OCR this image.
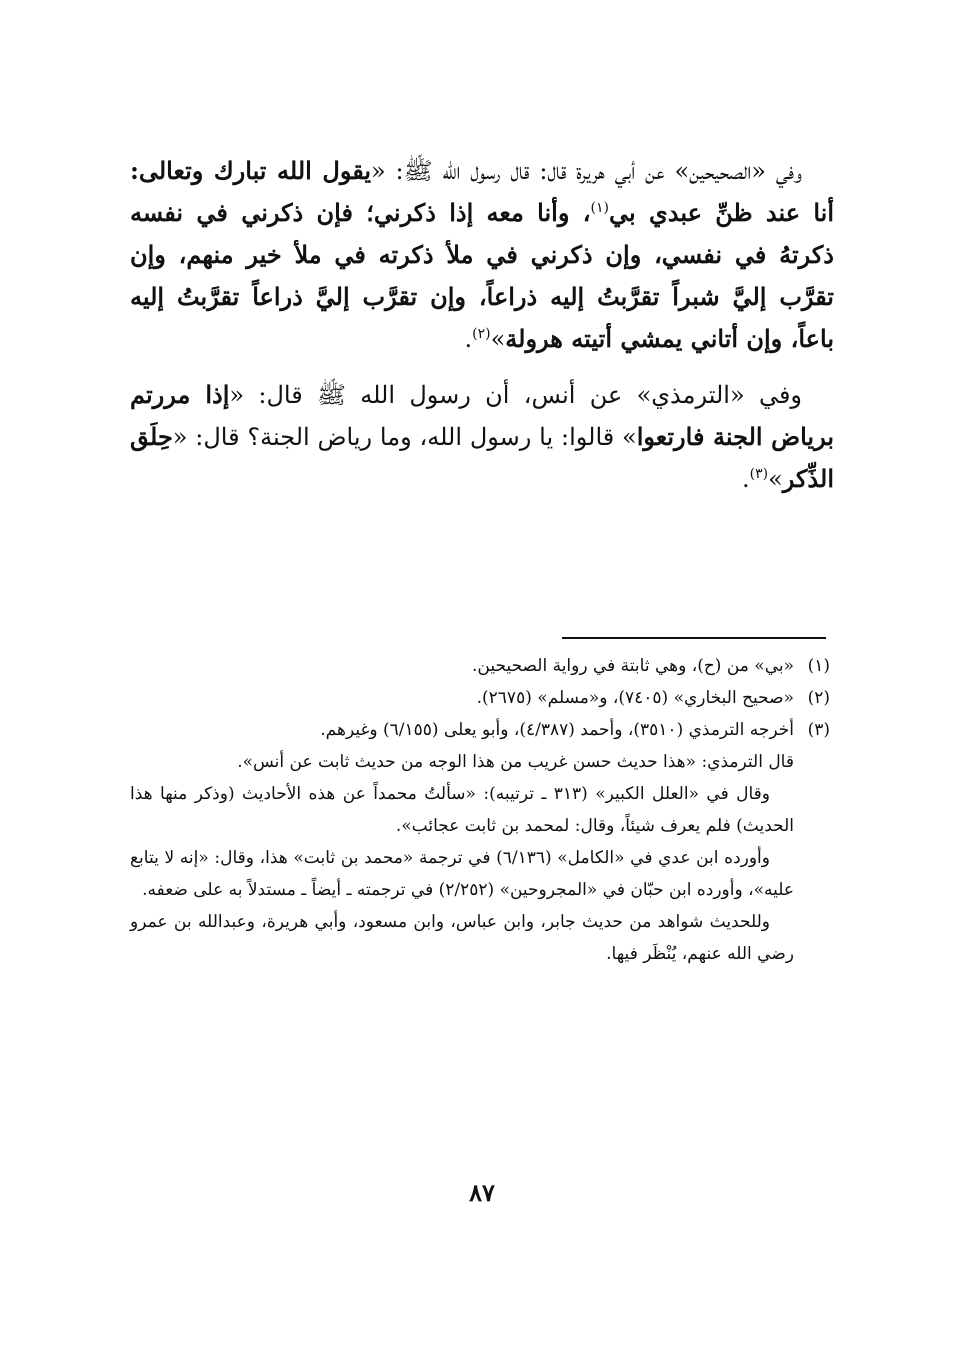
وفي «الصحيحين» عن أبي هريرة قال: قال رسول الله ﷺ: «يقول الله تبارك وتعالى: أنا عند ظنِّ عبدي بي$^{(١)}$، وأنا معه إذا ذكرني؛ فإن ذكرني في نفسه ذكرتهُ في نفسي، وإن ذكرني في ملأ ذكرته في ملأ خير منهم، وإن تقرَّب إليَّ شبراً تقرَّبتُ إليه ذراعاً، وإن تقرَّب إليَّ ذراعاً تقرَّبتُ إليه باعاً، وإن أتاني يمشي أتيته هرولة»$^{(٢)}$.

وفي «الترمذي» عن أنس، أن رسول الله ﷺ قال: «إذا مررتم برياض الجنة فارتعوا» قالوا: يا رسول الله، وما رياض الجنة؟ قال: «حِلَق الذِّكر»$^{(٣)}$.

(١)

«بي» من (ح)، وهي ثابتة في رواية الصحيحين.

(٢)

«صحيح البخاري» (٧٤٠٥)، و«مسلم» (٢٦٧٥).

(٣)

أخرجه الترمذي (٣٥١٠)، وأحمد (٤/٣٨٧)، وأبو يعلى (٦/١٥٥) وغيرهم.

قال الترمذي: «هذا حديث حسن غريب من هذا الوجه من حديث ثابت عن أنس».

وقال في «العلل الكبير» (٣١٣ ـ ترتيبه): «سألتُ محمداً عن هذه الأحاديث (وذكر منها هذا الحديث) فلم يعرف شيئاً، وقال: لمحمد بن ثابت عجائب».

وأورده ابن عدي في «الكامل» (٦/١٣٦) في ترجمة «محمد بن ثابت» هذا، وقال: «إنه لا يتابع عليه»، وأورده ابن حبّان في «المجروحين» (٢/٢٥٢) في ترجمته ـ أيضاً ـ مستدلاً به على ضعفه.

وللحديث شواهد من حديث جابر، وابن عباس، وابن مسعود، وأبي هريرة، وعبدالله بن عمرو رضي الله عنهم، يُنْظَر فيها.

٨٧
